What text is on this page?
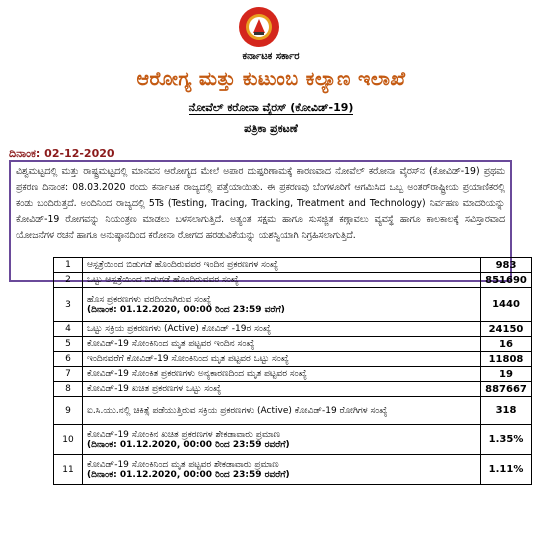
ಕರ್ನಾಟಕ ಸರ್ಕಾರ
ಆರೋಗ್ಯ ಮತ್ತು ಕುಟುಂಬ ಕಲ್ಯಾಣ ಇಲಾಖೆ
ನೋವೆಲ್ ಕರೋನಾ ವೈರಸ್ (ಕೋವಿಡ್-19)
ಪತ್ರಿಕಾ ಪ್ರಕಟಣೆ
ದಿನಾಂಕ: 02-12-2020
ವಿಶ್ವಮಟ್ಟದಲ್ಲಿ ಮತ್ತು ರಾಷ್ಟ್ರಮಟ್ಟದಲ್ಲಿ ಮಾನವನ ಆರೋಗ್ಯದ ಮೇಲೆ ಅಪಾರ ದುಷ್ಪರಿಣಾಮಕ್ಕೆ ಕಾರಣವಾದ ನೋವೆಲ್ ಕರೋನಾ ವೈರಸ್‌ನ (ಕೋವಿಡ್-19) ಪ್ರಥಮ ಪ್ರಕರಣ ದಿನಾಂಕ: 08.03.2020 ರಂದು ಕರ್ನಾಟಕ ರಾಜ್ಯದಲ್ಲಿ ಪತ್ತೆಯಾಯಿತು. ಈ ಪ್ರಕರಣವು ಬೆಂಗಳೂರಿಗೆ ಆಗಮಿಸಿದ ಒಬ್ಬ ಅಂತರ್‌ರಾಷ್ಟ್ರೀಯ ಪ್ರಯಾಣಿಕರಲ್ಲಿ ಕಂಡು ಬಂದಿರುತ್ತದೆ. ಅಂದಿನಿಂದ ರಾಜ್ಯದಲ್ಲಿ 5Ts (Testing, Tracing, Tracking, Treatment and Technology) ನಿರ್ವಹಣ ಮಾದರಿಯನ್ನು ಕೋವಿಡ್-19 ರೋಗವನ್ನು ನಿಯಂತ್ರಣ ಮಾಡಲು ಬಳಸಲಾಗುತ್ತಿದೆ. ಅತ್ಯಂತ ಸಕ್ಷಮ ಹಾಗೂ ಸುಸಜ್ಜಿತ ಕಣ್ಗಾವಲು ವ್ಯವಸ್ಥೆ ಹಾಗೂ ಕಾಲಕಾಲಕ್ಕೆ ಸವಿಸ್ತಾರವಾದ ಯೋಜನೆಗಳ ರಚನೆ ಹಾಗೂ ಅನುಷ್ಠಾನದಿಂದ ಕರೋನಾ ರೋಗದ ಹರಡುವಿಕೆಯನ್ನು ಯಶಸ್ವಿಯಾಗಿ ನಿಗ್ರಹಿಸಲಾಗುತ್ತಿದೆ.
1	ಆಸ್ಪತ್ರೆಯಿಂದ ಬಿಡುಗಡೆ ಹೊಂದಿರುವವರ ಇಂದಿನ ಪ್ರಕರಣಗಳ ಸಂಖ್ಯೆ	983
2	ಒಟ್ಟು ಆಸ್ಪತ್ರೆಯಿಂದ ಬಿಡುಗಡೆ ಹೊಂದಿರುವವರ ಸಂಖ್ಯೆ	851690
3	ಹೊಸ ಪ್ರಕರಣಗಳು ವರದಿಯಾಗಿರುವ ಸಂಖ್ಯೆ
(ದಿನಾಂಕ: 01.12.2020, 00:00 ರಿಂದ 23:59 ವರೆಗೆ)	1440
4	ಒಟ್ಟು ಸಕ್ರಿಯ ಪ್ರಕರಣಗಳು (Active) ಕೋವಿಡ್ -19ರ ಸಂಖ್ಯೆ	24150
5	ಕೋವಿಡ್-19 ಸೋಂಕಿನಿಂದ ಮೃತ ಪಟ್ಟವರ ಇಂದಿನ ಸಂಖ್ಯೆ	16
6	ಇಂದಿನವರೆಗೆ ಕೋವಿಡ್-19 ಸೋಂಕಿನಿಂದ ಮೃತ ಪಟ್ಟವರ ಒಟ್ಟು ಸಂಖ್ಯೆ	11808
7	ಕೋವಿಡ್-19 ಸೋಂಕಿತ ಪ್ರಕರಣಗಳು ಅನ್ಯಕಾರಣದಿಂದ ಮೃತ ಪಟ್ಟವರ ಸಂಖ್ಯೆ	19
8	ಕೋವಿಡ್-19 ಖಚಿತ ಪ್ರಕರಣಗಳ ಒಟ್ಟು ಸಂಖ್ಯೆ	887667
9	ಐ.ಸಿ.ಯು.ನಲ್ಲಿ ಚಿಕಿತ್ಸೆ ಪಡೆಯುತ್ತಿರುವ ಸಕ್ರಿಯ ಪ್ರಕರಣಗಳು (Active) ಕೋವಿಡ್-19 ರೋಗಿಗಳ ಸಂಖ್ಯೆ	318
10	ಕೋವಿಡ್-19 ಸೋಂಕಿನ ಖಚಿತ ಪ್ರಕರಣಗಳ ಶೇಕಡಾವಾರು ಪ್ರಮಾಣ
(ದಿನಾಂಕ: 01.12.2020, 00:00 ರಿಂದ 23:59 ರವರೆಗೆ)	1.35%
11	ಕೋವಿಡ್-19 ಸೋಂಕಿನಿಂದ ಮೃತ ಪಟ್ಟವರ ಶೇಕಡಾವಾರು ಪ್ರಮಾಣ
(ದಿನಾಂಕ: 01.12.2020, 00:00 ರಿಂದ 23:59 ರವರೆಗೆ)	1.11%
